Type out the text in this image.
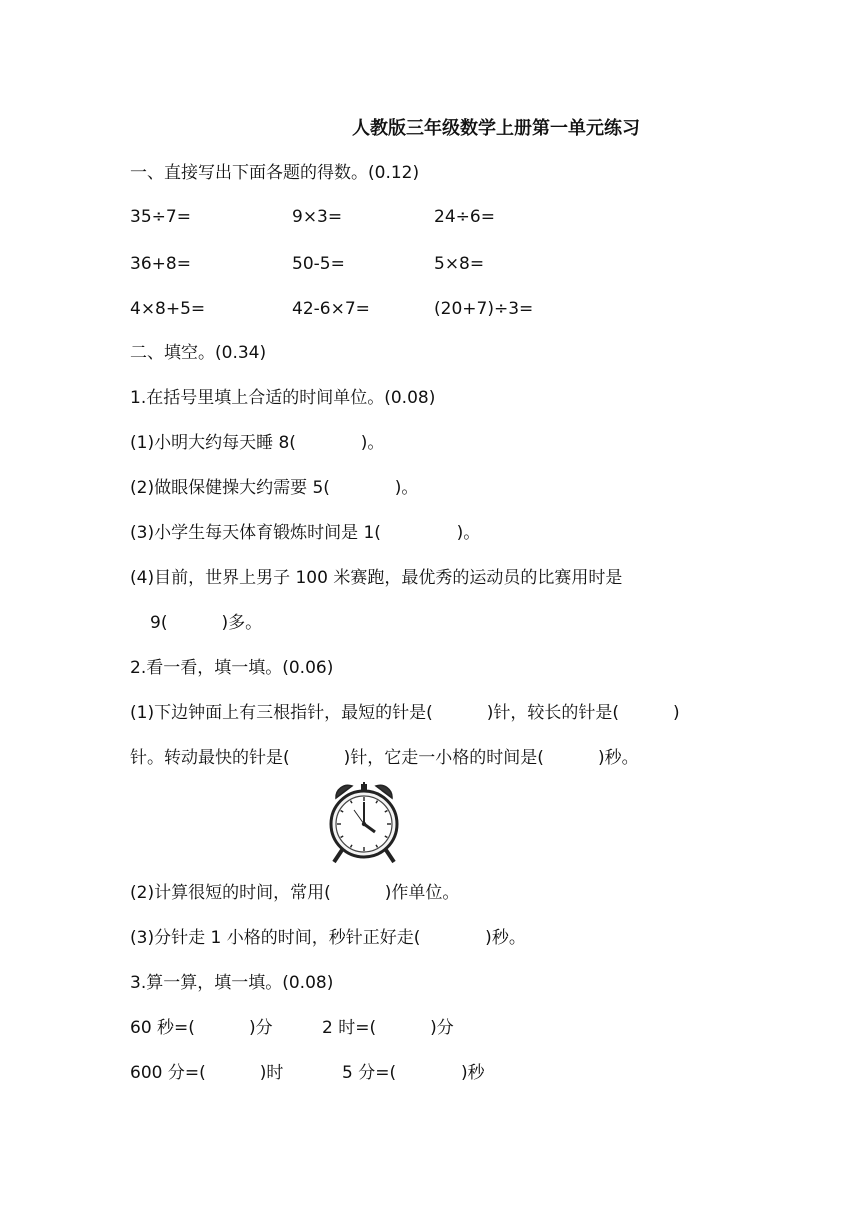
人教版三年级数学上册第一单元练习
一、直接写出下面各题的得数。(0.12)
35÷7=	9×3=	24÷6=
36+8=	50-5=	5×8=
4×8+5=	42-6×7=	(20+7)÷3=
二、填空。(0.34)
1.在括号里填上合适的时间单位。(0.08)
(1)小明大约每天睡 8(            )。
(2)做眼保健操大约需要 5(            )。
(3)小学生每天体育锻炼时间是 1(              )。
(4)目前，世界上男子 100 米赛跑，最优秀的运动员的比赛用时是
9(          )多。
2.看一看，填一填。(0.06)
(1)下边钟面上有三根指针，最短的针是(          )针，较长的针是(          )
针。转动最快的针是(          )针，它走一小格的时间是(          )秒。
(2)计算很短的时间，常用(          )作单位。
(3)分针走 1 小格的时间，秒针正好走(            )秒。
3.算一算，填一填。(0.08)
60 秒=(          )分	2 时=(          )分
600 分=(          )时	5 分=(            )秒
